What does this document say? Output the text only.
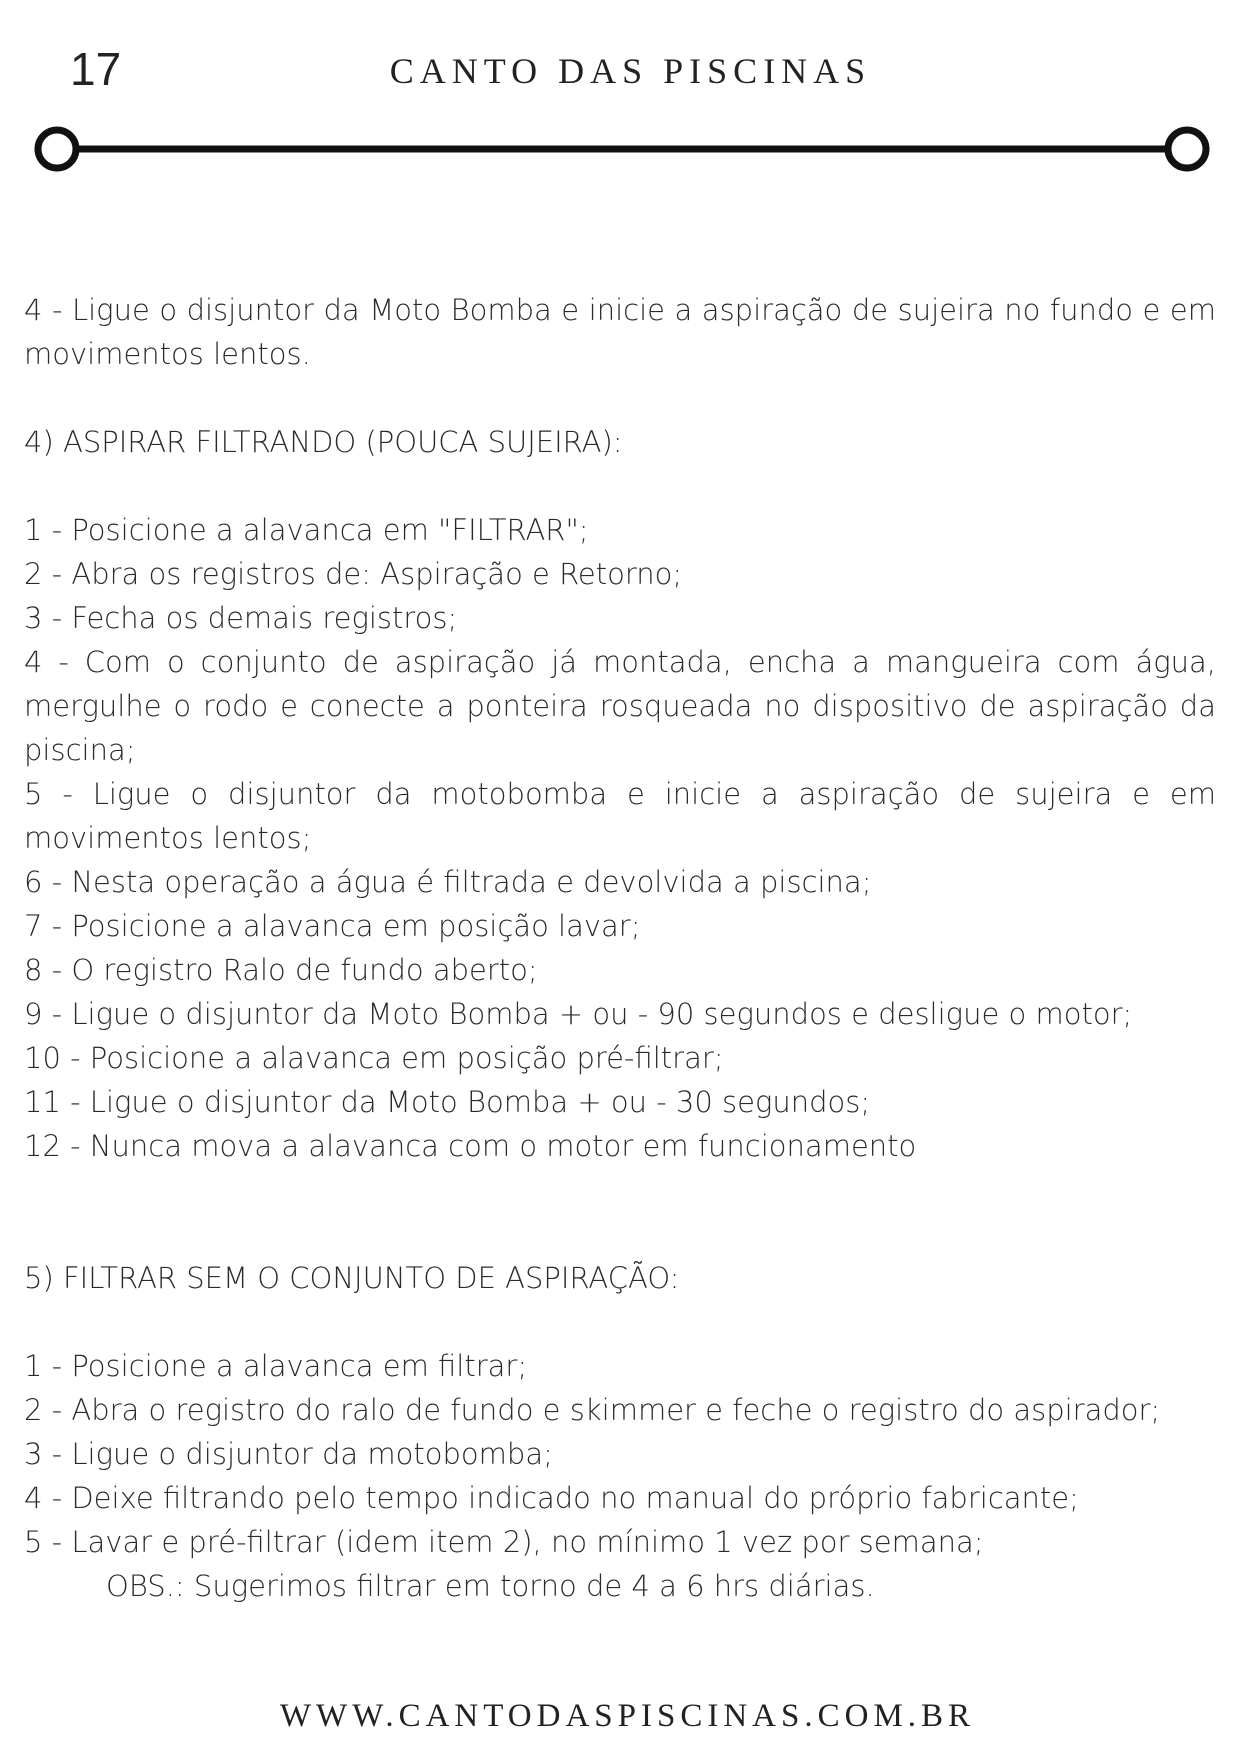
17	CANTO DAS PISCINAS

4 - Ligue o disjuntor da Moto Bomba e inicie a aspiração de sujeira no fundo e em movimentos lentos.

4) ASPIRAR FILTRANDO (POUCA SUJEIRA):

1 - Posicione a alavanca em "FILTRAR";

2 - Abra os registros de: Aspiração e Retorno;

3 - Fecha os demais registros;

4 - Com o conjunto de aspiração já montada, encha a mangueira com água, mergulhe o rodo e conecte a ponteira rosqueada no dispositivo de aspiração da piscina;

5 - Ligue o disjuntor da motobomba e inicie a aspiração de sujeira e em movimentos lentos;

6 - Nesta operação a água é filtrada e devolvida a piscina;

7 - Posicione a alavanca em posição lavar;

8 - O registro Ralo de fundo aberto;

9 - Ligue o disjuntor da Moto Bomba + ou - 90 segundos e desligue o motor;

10 - Posicione a alavanca em posição pré-filtrar;

11 - Ligue o disjuntor da Moto Bomba + ou - 30 segundos;

12 - Nunca mova a alavanca com o motor em funcionamento

5) FILTRAR SEM O CONJUNTO DE ASPIRAÇÃO:

1 - Posicione a alavanca em filtrar;

2 - Abra o registro do ralo de fundo e skimmer e feche o registro do aspirador;

3 - Ligue o disjuntor da motobomba;

4 - Deixe filtrando pelo tempo indicado no manual do próprio fabricante;

5 - Lavar e pré-filtrar (idem item 2), no mínimo 1 vez por semana;

OBS.: Sugerimos filtrar em torno de 4 a 6 hrs diárias.

WWW.CANTODASPISCINAS.COM.BR
